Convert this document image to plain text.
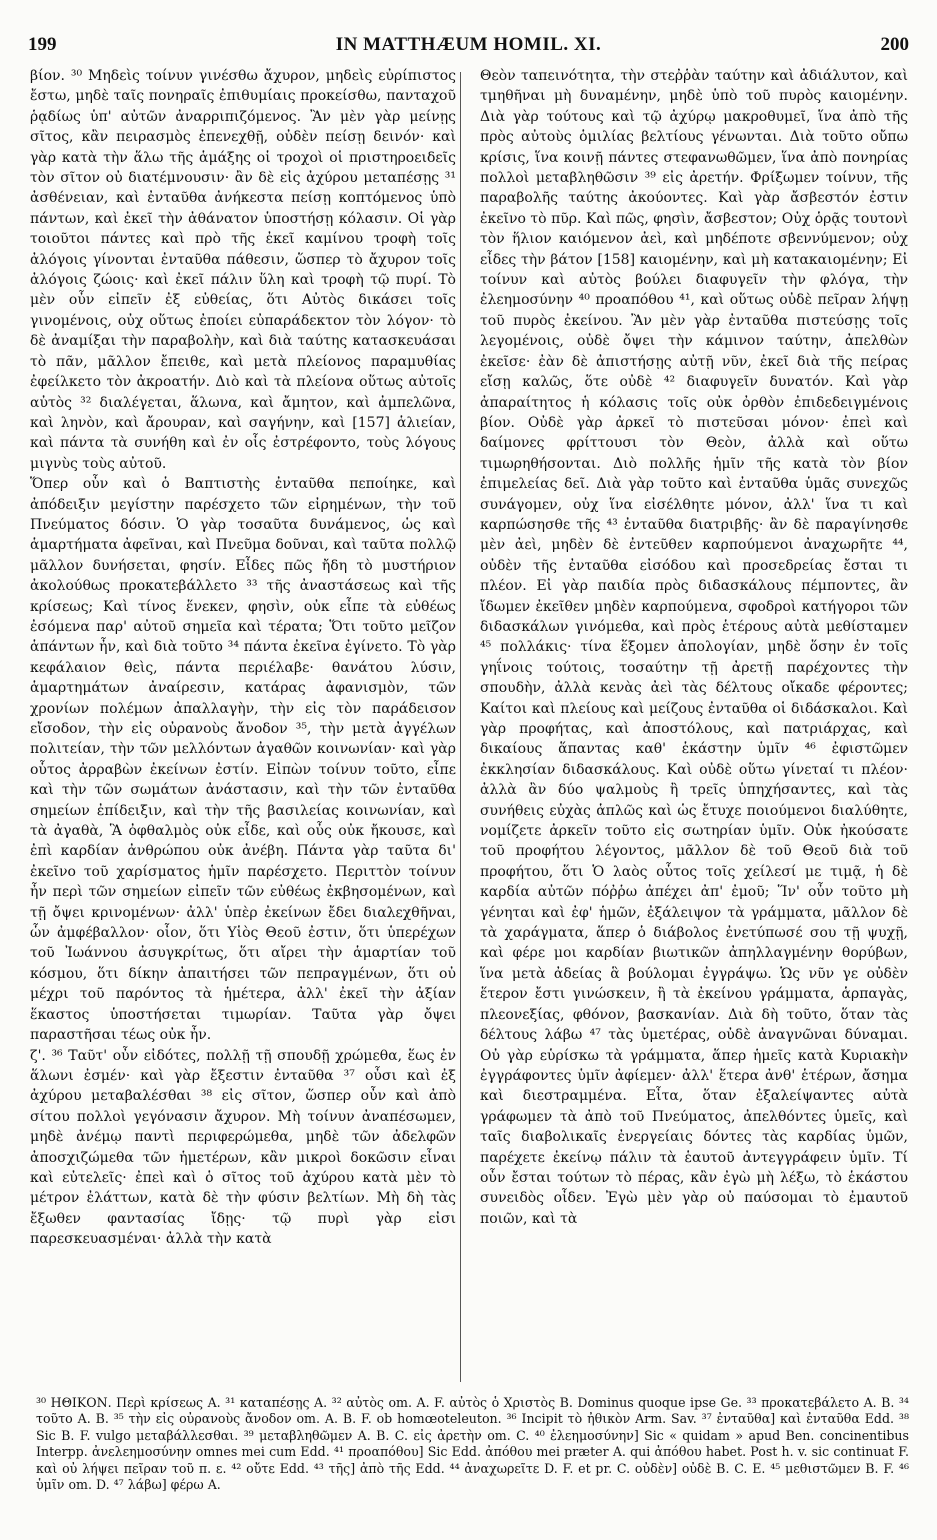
199	IN MATTHÆUM HOMIL. XI.	200

βίον. ³⁰ Μηδεὶς τοίνυν γινέσθω ἄχυρον, μηδεὶς εὐρίπιστος ἔστω, μηδὲ ταῖς πονηραῖς ἐπιθυμίαις προκείσθω, πανταχοῦ ῥᾳδίως ὑπ' αὐτῶν ἀναρριπιζόμενος. Ἂν μὲν γὰρ μείνῃς σῖτος, κἂν πειρασμὸς ἐπενεχθῇ, οὐδὲν πείσῃ δεινόν· καὶ γὰρ κατὰ τὴν ἅλω τῆς ἁμάξης οἱ τροχοὶ οἱ πριστηροειδεῖς τὸν σῖτον οὐ διατέμνουσιν· ἂν δὲ εἰς ἀχύρου μεταπέσῃς ³¹ ἀσθένειαν, καὶ ἐνταῦθα ἀνήκεστα πείσῃ κοπτόμενος ὑπὸ πάντων, καὶ ἐκεῖ τὴν ἀθάνατον ὑποστήσῃ κόλασιν. Οἱ γὰρ τοιοῦτοι πάντες καὶ πρὸ τῆς ἐκεῖ καμίνου τροφὴ τοῖς ἀλόγοις γίνονται ἐνταῦθα πάθεσιν, ὥσπερ τὸ ἄχυρον τοῖς ἀλόγοις ζώοις· καὶ ἐκεῖ πάλιν ὕλη καὶ τροφὴ τῷ πυρί. Τὸ μὲν οὖν εἰπεῖν ἐξ εὐθείας, ὅτι Αὐτὸς δικάσει τοῖς γινομένοις, οὐχ οὕτως ἐποίει εὐπαράδεκτον τὸν λόγον· τὸ δὲ ἀναμίξαι τὴν παραβολὴν, καὶ διὰ ταύτης κατασκευάσαι τὸ πᾶν, μᾶλλον ἔπειθε, καὶ μετὰ πλείονος παραμυθίας ἐφείλκετο τὸν ἀκροατήν. Διὸ καὶ τὰ πλείονα οὕτως αὐτοῖς αὐτὸς ³² διαλέγεται, ἅλωνα, καὶ ἄμητον, καὶ ἀμπελῶνα, καὶ ληνὸν, καὶ ἄρουραν, καὶ σαγήνην, καὶ [157] ἁλιείαν, καὶ πάντα τὰ συνήθη καὶ ἐν οἷς ἐστρέφοντο, τοὺς λόγους μιγνὺς τοὺς αὐτοῦ.

Ὅπερ οὖν καὶ ὁ Βαπτιστὴς ἐνταῦθα πεποίηκε, καὶ ἀπόδειξιν μεγίστην παρέσχετο τῶν εἰρημένων, τὴν τοῦ Πνεύματος δόσιν. Ὁ γὰρ τοσαῦτα δυνάμενος, ὡς καὶ ἁμαρτήματα ἀφεῖναι, καὶ Πνεῦμα δοῦναι, καὶ ταῦτα πολλῷ μᾶλλον δυνήσεται, φησίν. Εἶδες πῶς ἤδη τὸ μυστήριον ἀκολούθως προκατεβάλλετο ³³ τῆς ἀναστάσεως καὶ τῆς κρίσεως; Καὶ τίνος ἕνεκεν, φησὶν, οὐκ εἶπε τὰ εὐθέως ἐσόμενα παρ' αὐτοῦ σημεῖα καὶ τέρατα; Ὅτι τοῦτο μεῖζον ἁπάντων ἦν, καὶ διὰ τοῦτο ³⁴ πάντα ἐκεῖνα ἐγίνετο. Τὸ γὰρ κεφάλαιον θεὶς, πάντα περιέλαβε· θανάτου λύσιν, ἁμαρτημάτων ἀναίρεσιν, κατάρας ἀφανισμὸν, τῶν χρονίων πολέμων ἀπαλλαγὴν, τὴν εἰς τὸν παράδεισον εἴσοδον, τὴν εἰς οὐρανοὺς ἄνοδον ³⁵, τὴν μετὰ ἀγγέλων πολιτείαν, τὴν τῶν μελλόντων ἀγαθῶν κοινωνίαν· καὶ γὰρ οὗτος ἀρραβὼν ἐκείνων ἐστίν. Εἰπὼν τοίνυν τοῦτο, εἶπε καὶ τὴν τῶν σωμάτων ἀνάστασιν, καὶ τὴν τῶν ἐνταῦθα σημείων ἐπίδειξιν, καὶ τὴν τῆς βασιλείας κοινωνίαν, καὶ τὰ ἀγαθὰ, Ἃ ὀφθαλμὸς οὐκ εἶδε, καὶ οὖς οὐκ ἤκουσε, καὶ ἐπὶ καρδίαν ἀνθρώπου οὐκ ἀνέβη. Πάντα γὰρ ταῦτα δι' ἐκεῖνο τοῦ χαρίσματος ἡμῖν παρέσχετο. Περιττὸν τοίνυν ἦν περὶ τῶν σημείων εἰπεῖν τῶν εὐθέως ἐκβησομένων, καὶ τῇ ὄψει κρινομένων· ἀλλ' ὑπὲρ ἐκείνων ἔδει διαλεχθῆναι, ὧν ἀμφέβαλλον· οἷον, ὅτι Υἱὸς Θεοῦ ἐστιν, ὅτι ὑπερέχων τοῦ Ἰωάννου ἀσυγκρίτως, ὅτι αἴρει τὴν ἁμαρτίαν τοῦ κόσμου, ὅτι δίκην ἀπαιτήσει τῶν πεπραγμένων, ὅτι οὐ μέχρι τοῦ παρόντος τὰ ἡμέτερα, ἀλλ' ἐκεῖ τὴν ἀξίαν ἕκαστος ὑποστήσεται τιμωρίαν. Ταῦτα γὰρ ὄψει παραστῆσαι τέως οὐκ ἦν.

ζ'. ³⁶ Ταῦτ' οὖν εἰδότες, πολλῇ τῇ σπουδῇ χρώμεθα, ἕως ἐν ἅλωνι ἐσμέν· καὶ γὰρ ἔξεστιν ἐνταῦθα ³⁷ οὖσι καὶ ἐξ ἀχύρου μεταβαλέσθαι ³⁸ εἰς σῖτον, ὥσπερ οὖν καὶ ἀπὸ σίτου πολλοὶ γεγόνασιν ἄχυρον. Μὴ τοίνυν ἀναπέσωμεν, μηδὲ ἀνέμῳ παντὶ περιφερώμεθα, μηδὲ τῶν ἀδελφῶν ἀποσχιζώμεθα τῶν ἡμετέρων, κἂν μικροὶ δοκῶσιν εἶναι καὶ εὐτελεῖς· ἐπεὶ καὶ ὁ σῖτος τοῦ ἀχύρου κατὰ μὲν τὸ μέτρον ἐλάττων, κατὰ δὲ τὴν φύσιν βελτίων. Μὴ δὴ τὰς ἔξωθεν φαντασίας ἴδῃς· τῷ πυρὶ γὰρ εἰσι παρεσκευασμέναι· ἀλλὰ τὴν κατὰ

Θεὸν ταπεινότητα, τὴν στεῤῥὰν ταύτην καὶ ἀδιάλυτον, καὶ τμηθῆναι μὴ δυναμένην, μηδὲ ὑπὸ τοῦ πυρὸς καιομένην. Διὰ γὰρ τούτους καὶ τῷ ἀχύρῳ μακροθυμεῖ, ἵνα ἀπὸ τῆς πρὸς αὐτοὺς ὁμιλίας βελτίους γένωνται. Διὰ τοῦτο οὔπω κρίσις, ἵνα κοινῇ πάντες στεφανωθῶμεν, ἵνα ἀπὸ πονηρίας πολλοὶ μεταβληθῶσιν ³⁹ εἰς ἀρετήν. Φρίξωμεν τοίνυν, τῆς παραβολῆς ταύτης ἀκούοντες. Καὶ γὰρ ἄσβεστόν ἐστιν ἐκεῖνο τὸ πῦρ. Καὶ πῶς, φησὶν, ἄσβεστον; Οὐχ ὁρᾷς τουτονὶ τὸν ἥλιον καιόμενον ἀεὶ, καὶ μηδέποτε σβεννύμενον; οὐχ εἶδες τὴν βάτον [158] καιομένην, καὶ μὴ κατακαιομένην; Εἰ τοίνυν καὶ αὐτὸς βούλει διαφυγεῖν τὴν φλόγα, τὴν ἐλεημοσύνην ⁴⁰ προαπόθου ⁴¹, καὶ οὕτως οὐδὲ πεῖραν λήψῃ τοῦ πυρὸς ἐκείνου. Ἂν μὲν γὰρ ἐνταῦθα πιστεύσῃς τοῖς λεγομένοις, οὐδὲ ὄψει τὴν κάμινον ταύτην, ἀπελθὼν ἐκεῖσε· ἐὰν δὲ ἀπιστήσῃς αὐτῇ νῦν, ἐκεῖ διὰ τῆς πείρας εἴσῃ καλῶς, ὅτε οὐδὲ ⁴² διαφυγεῖν δυνατόν. Καὶ γὰρ ἀπαραίτητος ἡ κόλασις τοῖς οὐκ ὀρθὸν ἐπιδεδειγμένοις βίον. Οὐδὲ γὰρ ἀρκεῖ τὸ πιστεῦσαι μόνον· ἐπεὶ καὶ δαίμονες φρίττουσι τὸν Θεὸν, ἀλλὰ καὶ οὕτω τιμωρηθήσονται. Διὸ πολλῆς ἡμῖν τῆς κατὰ τὸν βίον ἐπιμελείας δεῖ. Διὰ γὰρ τοῦτο καὶ ἐνταῦθα ὑμᾶς συνεχῶς συνάγομεν, οὐχ ἵνα εἰσέλθητε μόνον, ἀλλ' ἵνα τι καὶ καρπώσησθε τῆς ⁴³ ἐνταῦθα διατριβῆς· ἂν δὲ παραγίνησθε μὲν ἀεὶ, μηδὲν δὲ ἐντεῦθεν καρπούμενοι ἀναχωρῆτε ⁴⁴, οὐδὲν τῆς ἐνταῦθα εἰσόδου καὶ προσεδρείας ἔσται τι πλέον. Εἰ γὰρ παιδία πρὸς διδασκάλους πέμποντες, ἂν ἴδωμεν ἐκεῖθεν μηδὲν καρπούμενα, σφοδροὶ κατήγοροι τῶν διδασκάλων γινόμεθα, καὶ πρὸς ἑτέρους αὐτὰ μεθίσταμεν ⁴⁵ πολλάκις· τίνα ἕξομεν ἀπολογίαν, μηδὲ ὅσην ἐν τοῖς γηΐνοις τούτοις, τοσαύτην τῇ ἀρετῇ παρέχοντες τὴν σπουδὴν, ἀλλὰ κενὰς ἀεὶ τὰς δέλτους οἴκαδε φέροντες; Καίτοι καὶ πλείους καὶ μείζους ἐνταῦθα οἱ διδάσκαλοι. Καὶ γὰρ προφήτας, καὶ ἀποστόλους, καὶ πατριάρχας, καὶ δικαίους ἅπαντας καθ' ἑκάστην ὑμῖν ⁴⁶ ἐφιστῶμεν ἐκκλησίαν διδασκάλους. Καὶ οὐδὲ οὕτω γίνεταί τι πλέον· ἀλλὰ ἂν δύο ψαλμοὺς ἢ τρεῖς ὑπηχήσαντες, καὶ τὰς συνήθεις εὐχὰς ἁπλῶς καὶ ὡς ἔτυχε ποιούμενοι διαλύθητε, νομίζετε ἀρκεῖν τοῦτο εἰς σωτηρίαν ὑμῖν. Οὐκ ἠκούσατε τοῦ προφήτου λέγοντος, μᾶλλον δὲ τοῦ Θεοῦ διὰ τοῦ προφήτου, ὅτι Ὁ λαὸς οὗτος τοῖς χείλεσί με τιμᾷ, ἡ δὲ καρδία αὐτῶν πόῤῥω ἀπέχει ἀπ' ἐμοῦ; Ἵν' οὖν τοῦτο μὴ γένηται καὶ ἐφ' ἡμῶν, ἐξάλειψον τὰ γράμματα, μᾶλλον δὲ τὰ χαράγματα, ἅπερ ὁ διάβολος ἐνετύπωσέ σου τῇ ψυχῇ, καὶ φέρε μοι καρδίαν βιωτικῶν ἀπηλλαγμένην θορύβων, ἵνα μετὰ ἀδείας ἃ βούλομαι ἐγγράψω. Ὡς νῦν γε οὐδὲν ἕτερον ἔστι γινώσκειν, ἢ τὰ ἐκείνου γράμματα, ἁρπαγὰς, πλεονεξίας, φθόνον, βασκανίαν. Διὰ δὴ τοῦτο, ὅταν τὰς δέλτους λάβω ⁴⁷ τὰς ὑμετέρας, οὐδὲ ἀναγνῶναι δύναμαι. Οὐ γὰρ εὑρίσκω τὰ γράμματα, ἅπερ ἡμεῖς κατὰ Κυριακὴν ἐγγράφοντες ὑμῖν ἀφίεμεν· ἀλλ' ἕτερα ἀνθ' ἑτέρων, ἄσημα καὶ διεστραμμένα. Εἶτα, ὅταν ἐξαλείψαντες αὐτὰ γράφωμεν τὰ ἀπὸ τοῦ Πνεύματος, ἀπελθόντες ὑμεῖς, καὶ ταῖς διαβολικαῖς ἐνεργείαις δόντες τὰς καρδίας ὑμῶν, παρέχετε ἐκείνῳ πάλιν τὰ ἑαυτοῦ ἀντεγγράφειν ὑμῖν. Τί οὖν ἔσται τούτων τὸ πέρας, κἂν ἐγὼ μὴ λέξω, τὸ ἑκάστου συνειδὸς οἶδεν. Ἐγὼ μὲν γὰρ οὐ παύσομαι τὸ ἐμαυτοῦ ποιῶν, καὶ τὰ

³⁰ ΗΘΙΚΟΝ. Περὶ κρίσεως A. ³¹ καταπέσῃς A. ³² αὐτὸς om. A. F. αὐτὸς ὁ Χριστὸς B. Dominus quoque ipse Ge. ³³ προκατεβάλετο A. B. ³⁴ τοῦτο A. B. ³⁵ τὴν εἰς οὐρανοὺς ἄνοδον om. A. B. F. ob homœoteleuton. ³⁶ Incipit τὸ ἠθικὸν Arm. Sav. ³⁷ ἐνταῦθα] καὶ ἐνταῦθα Edd. ³⁸ Sic B. F. vulgo μεταβάλλεσθαι. ³⁹ μεταβληθῶμεν A. B. C. εἰς ἀρετὴν om. C. ⁴⁰ ἐλεημοσύνην] Sic « quidam » apud Ben. concinentibus Interpp. ἀνελεημοσύνην omnes mei cum Edd. ⁴¹ προαπόθου] Sic Edd. ἀπόθου mei præter A. qui ἀπόθου habet. Post h. v. sic continuat F. καὶ οὐ λήψει πεῖραν τοῦ π. ε. ⁴² οὔτε Edd. ⁴³ τῆς] ἀπὸ τῆς Edd. ⁴⁴ ἀναχωρεῖτε D. F. et pr. C. οὐδὲν] οὐδὲ B. C. E. ⁴⁵ μεθιστῶμεν B. F. ⁴⁶ ὑμῖν om. D. ⁴⁷ λάβω] φέρω A.
